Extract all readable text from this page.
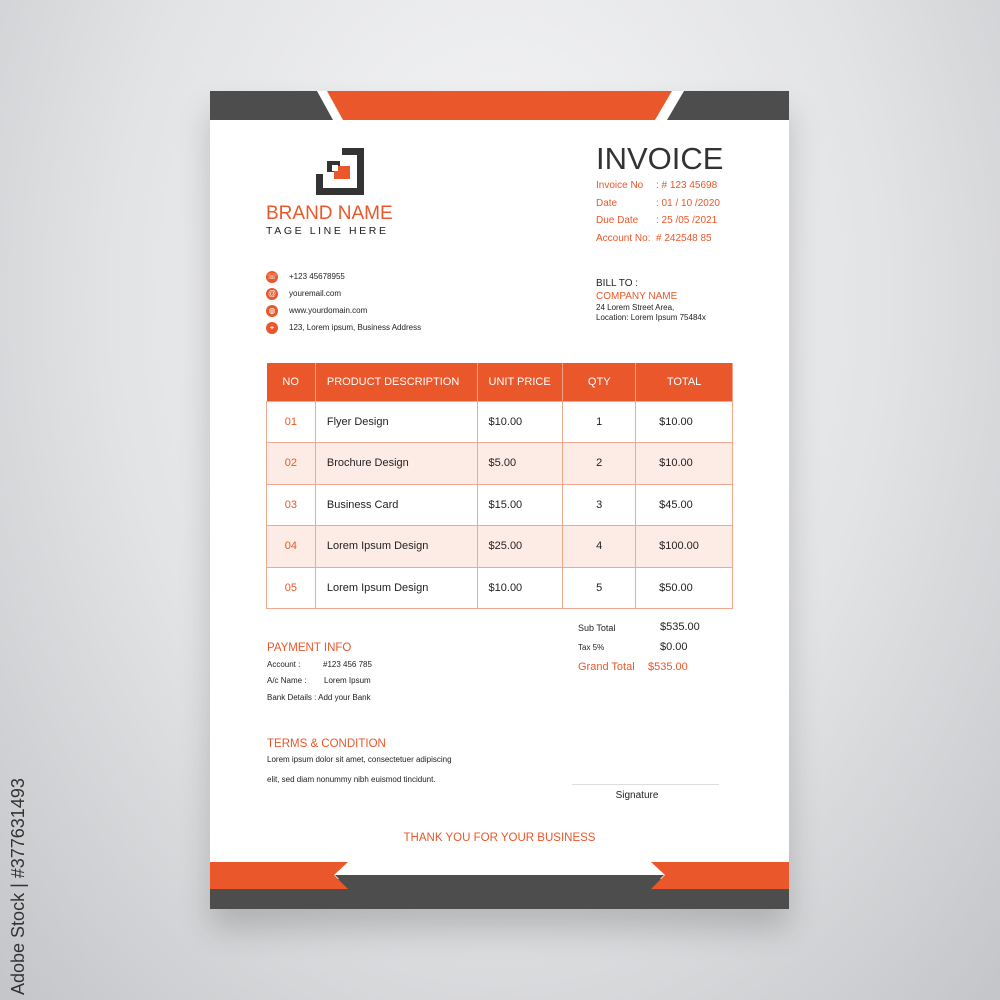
BRAND NAME
TAGE LINE HERE
INVOICE
Invoice No : # 123 45698
Date	: 01 / 10 /2020
Due Date : 25 /05 /2021
Account No: # 242548 85
☏ +123 45678955
@ youremail.com
◍	www.yourdomain.com
⌖	123, Lorem ipsum, Business Address
BILL TO :
COMPANY NAME
24 Lorem Street Area,
Location: Lorem Ipsum 75484x
NO	PRODUCT DESCRIPTION	UNIT PRICE	QTY	TOTAL
01	Flyer Design	$10.00	1	$10.00
02	Brochure Design	$5.00	2	$10.00
03	Business Card	$15.00	3	$45.00
04	Lorem Ipsum Design	$25.00	4	$100.00
05	Lorem Ipsum Design	$10.00	5	$50.00
Sub Total	$535.00
Tax 5%	$0.00
Grand Total $535.00
PAYMENT INFO
Account :	#123 456 785
A/c Name : Lorem Ipsum
Bank Details : Add your Bank
TERMS & CONDITION
Lorem ipsum dolor sit amet, consectetuer adipiscing
elit, sed diam nonummy nibh euismod tincidunt.
Signature
THANK YOU FOR YOUR BUSINESS
Adobe Stock | #377631493
